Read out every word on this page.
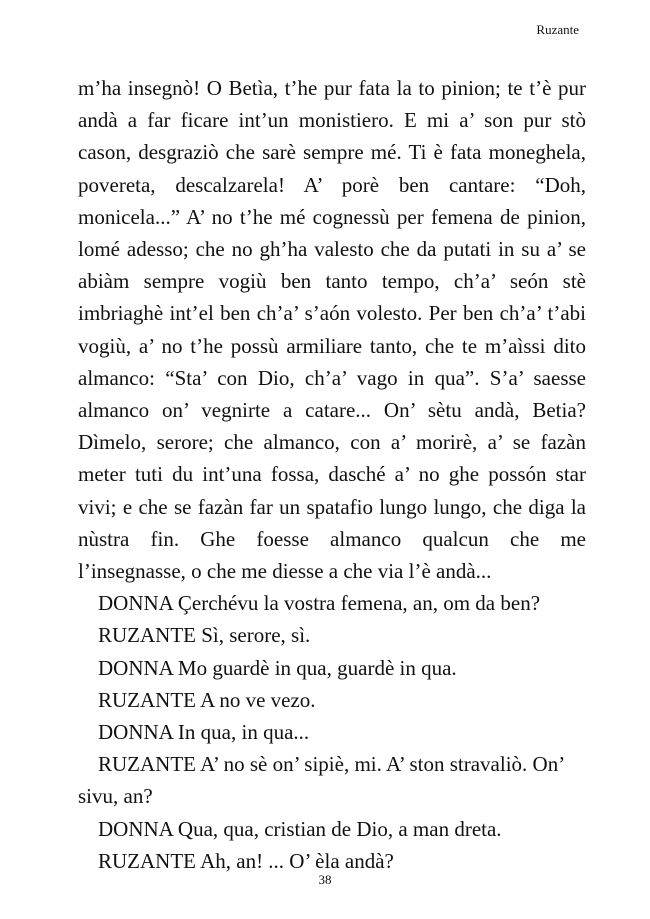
Ruzante

m’ha insegnò! O Betìa, t’he pur fata la to pinion; te t’è pur andà a far ficare int’un monistiero. E mi a’ son pur stò cason, desgraziò che sarè sempre mé. Ti è fata moneghela, povereta, descalzarela! A’ porè ben cantare: “Doh, monicela...” A’ no t’he mé cognessù per femena de pinion, lomé adesso; che no gh’ha valesto che da putati in su a’ se abiàm sempre vogiù ben tanto tempo, ch’a’ seón stè imbriaghè int’el ben ch’a’ s’aón volesto. Per ben ch’a’ t’abi vogiù, a’ no t’he possù armiliare tanto, che te m’aìssi dito almanco: “Sta’ con Dio, ch’a’ vago in qua”. S’a’ saesse almanco on’ vegnirte a catare... On’ sètu andà, Betia? Dìmelo, serore; che almanco, con a’ morirè, a’ se fazàn meter tuti du int’una fossa, dasché a’ no ghe possón star vivi; e che se fazàn far un spatafio lungo lungo, che diga la nùstra fin. Ghe foesse almanco qualcun che me l’insegnasse, o che me diesse a che via l’è andà...

DONNA Çerchévu la vostra femena, an, om da ben?

RUZANTE Sì, serore, sì.

DONNA Mo guardè in qua, guardè in qua.

RUZANTE A no ve vezo.

DONNA In qua, in qua...

RUZANTE A’ no sè on’ sipiè, mi. A’ ston stravaliò. On’ sivu, an?

DONNA Qua, qua, cristian de Dio, a man dreta.

RUZANTE Ah, an! ... O’ èla andà?

38
